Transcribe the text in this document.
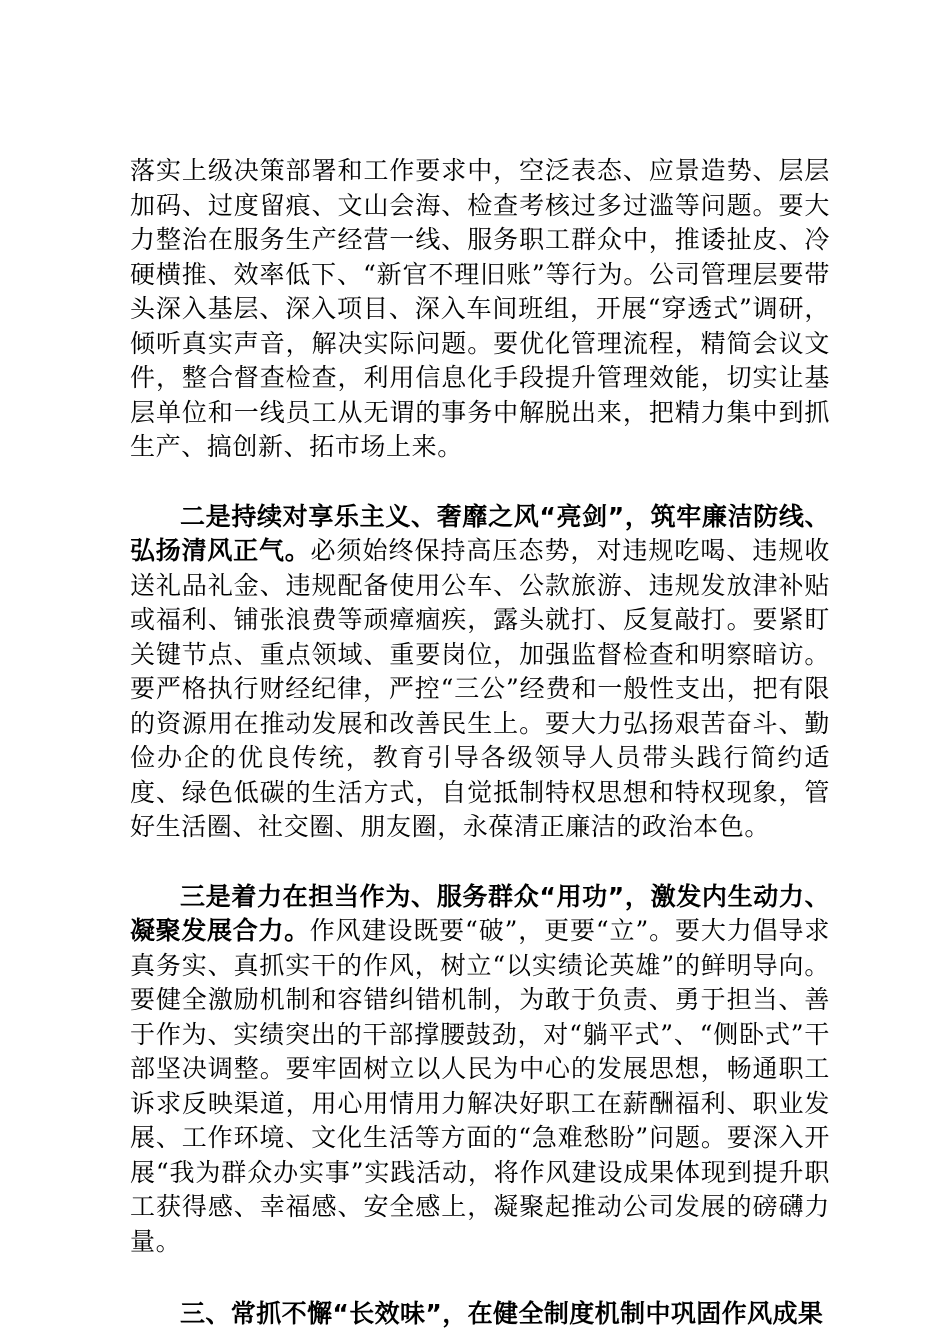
落实上级决策部署和工作要求中，空泛表态、应景造势、层层加码、过度留痕、文山会海、检查考核过多过滥等问题。要大力整治在服务生产经营一线、服务职工群众中，推诿扯皮、冷硬横推、效率低下、“新官不理旧账”等行为。公司管理层要带头深入基层、深入项目、深入车间班组，开展“穿透式”调研，倾听真实声音，解决实际问题。要优化管理流程，精简会议文件，整合督查检查，利用信息化手段提升管理效能，切实让基层单位和一线员工从无谓的事务中解脱出来，把精力集中到抓生产、搞创新、拓市场上来。

二是持续对享乐主义、奢靡之风“亮剑”，筑牢廉洁防线、弘扬清风正气。必须始终保持高压态势，对违规吃喝、违规收送礼品礼金、违规配备使用公车、公款旅游、违规发放津补贴或福利、铺张浪费等顽瘴痼疾，露头就打、反复敲打。要紧盯关键节点、重点领域、重要岗位，加强监督检查和明察暗访。要严格执行财经纪律，严控“三公”经费和一般性支出，把有限的资源用在推动发展和改善民生上。要大力弘扬艰苦奋斗、勤俭办企的优良传统，教育引导各级领导人员带头践行简约适度、绿色低碳的生活方式，自觉抵制特权思想和特权现象，管好生活圈、社交圈、朋友圈，永葆清正廉洁的政治本色。

三是着力在担当作为、服务群众“用功”，激发内生动力、凝聚发展合力。作风建设既要“破”，更要“立”。要大力倡导求真务实、真抓实干的作风，树立“以实绩论英雄”的鲜明导向。要健全激励机制和容错纠错机制，为敢于负责、勇于担当、善于作为、实绩突出的干部撑腰鼓劲，对“躺平式”、“侧卧式”干部坚决调整。要牢固树立以人民为中心的发展思想，畅通职工诉求反映渠道，用心用情用力解决好职工在薪酬福利、职业发展、工作环境、文化生活等方面的“急难愁盼”问题。要深入开展“我为群众办实事”实践活动，将作风建设成果体现到提升职工获得感、幸福感、安全感上，凝聚起推动公司发展的磅礴力量。

三、常抓不懈“长效味”，在健全制度机制中巩固作风成果
